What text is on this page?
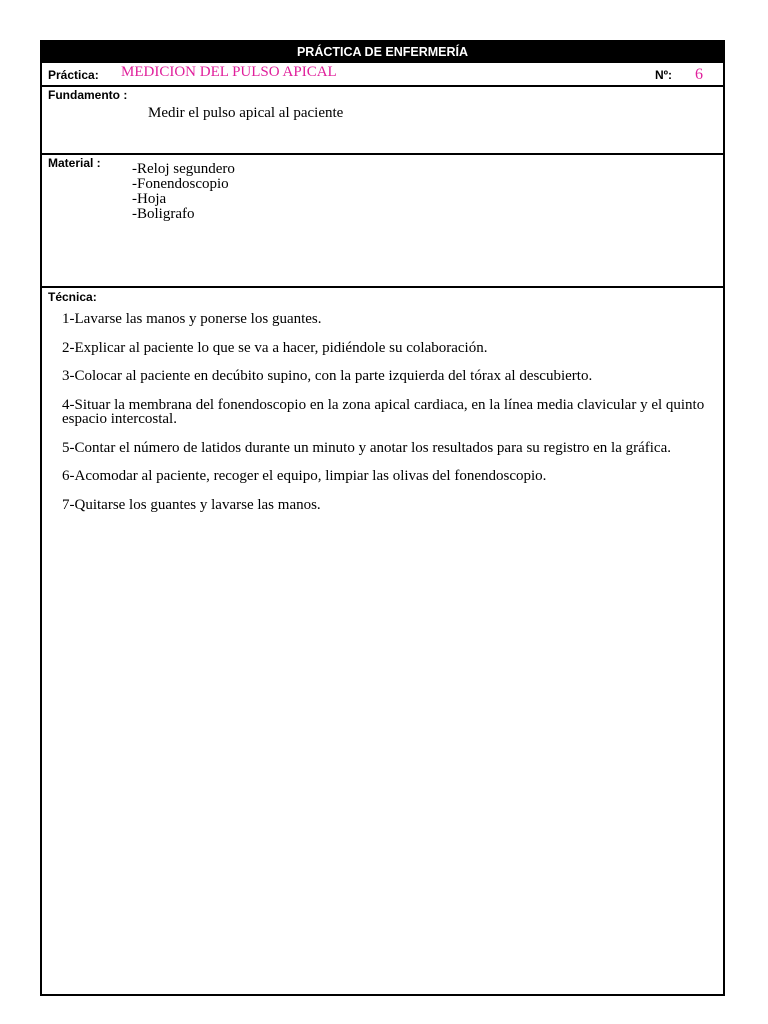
PRÁCTICA DE ENFERMERÍA
Práctica: MEDICION DEL PULSO APICAL	Nº: 6
Fundamento :
Medir el pulso apical al paciente
Material : -Reloj segundero
-Fonendoscopio
-Hoja
-Boligrafo
Técnica:

1-Lavarse las manos y ponerse los guantes.

2-Explicar al paciente lo que se va a hacer, pidiéndole su colaboración.

3-Colocar al paciente en decúbito supino, con la parte izquierda del tórax al descubierto.

4-Situar la membrana del fonendoscopio en la zona apical cardiaca, en la línea media clavicular y el quinto espacio intercostal.

5-Contar el número de latidos durante un minuto y anotar los resultados para su registro en la gráfica.

6-Acomodar al paciente, recoger el equipo, limpiar las olivas del fonendoscopio.

7-Quitarse los guantes y lavarse las manos.
